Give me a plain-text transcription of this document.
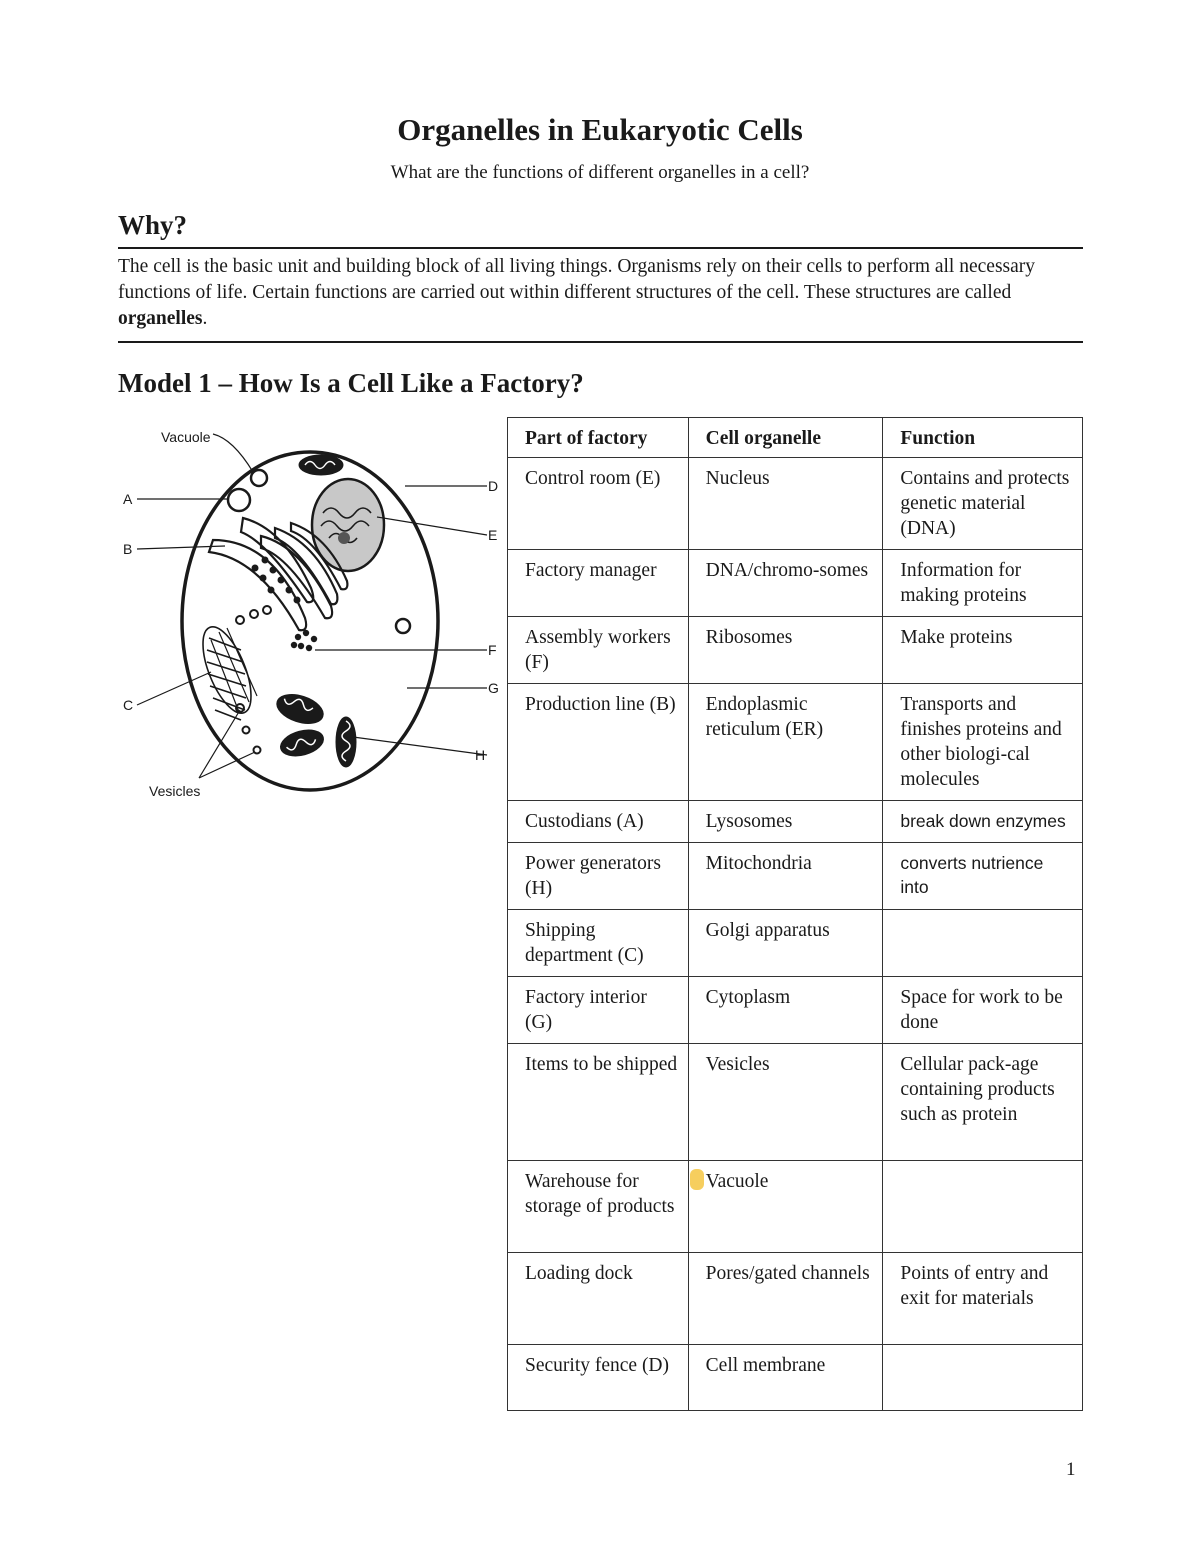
Organelles in Eukaryotic Cells
What are the functions of different organelles in a cell?
Why?

The cell is the basic unit and building block of all living things. Organisms rely on their cells to perform all necessary functions of life. Certain functions are carried out within different structures of the cell. These structures are called organelles.

Model 1 – How Is a Cell Like a Factory?
Vacuole
A
B
C
D
E
F
G
H
Vesicles
Part of factory	Cell organelle	Function
Control room (E)	Nucleus	Contains and protects genetic material (DNA)
Factory manager	DNA/chromo-somes	Information for making proteins
Assembly workers (F)	Ribosomes	Make proteins
Production line (B)	Endoplasmic reticulum (ER)	Transports and finishes proteins and other biologi-cal molecules
Custodians (A)	Lysosomes	break down enzymes
Power generators (H)	Mitochondria	converts nutrience into
Shipping department (C)	Golgi apparatus	
Factory interior (G)	Cytoplasm	Space for work to be done
Items to be shipped	Vesicles	Cellular pack-age containing products such as protein
Warehouse for storage of products	Vacuole	
Loading dock	Pores/gated channels	Points of entry and exit for materials
Security fence (D)	Cell membrane	
1
